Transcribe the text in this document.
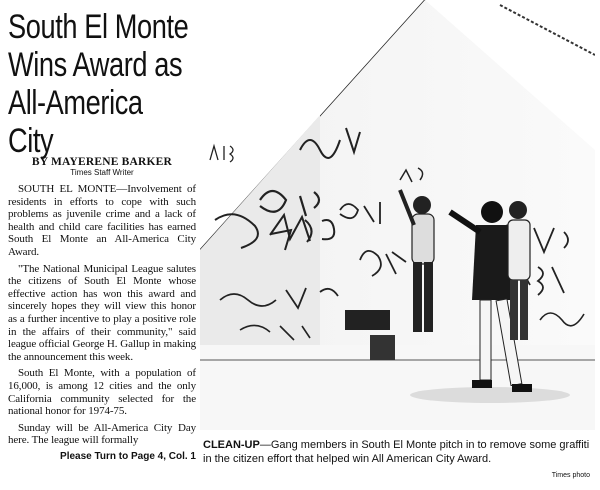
South El Monte
Wins Award as
All-America City

BY MAYERENE BARKER

Times Staff Writer

SOUTH EL MONTE—Involvement of residents in efforts to cope with such problems as juvenile crime and a lack of health and child care facilities has earned South El Monte an All-America City Award.

"The National Municipal League salutes the citizens of South El Monte whose effective action has won this award and sincerely hopes they will view this honor as a further incentive to play a positive role in the affairs of their community," said league official George H. Gallup in making the announcement this week.

South El Monte, with a population of 16,000, is among 12 cities and the only California community selected for the national honor for 1974-75.

Sunday will be All-America City Day here. The league will formally

Please Turn to Page 4, Col. 1

CLEAN-UP—Gang members in South El Monte pitch in to remove some graffiti in the citizen effort that helped win All American City Award.
Times photo
